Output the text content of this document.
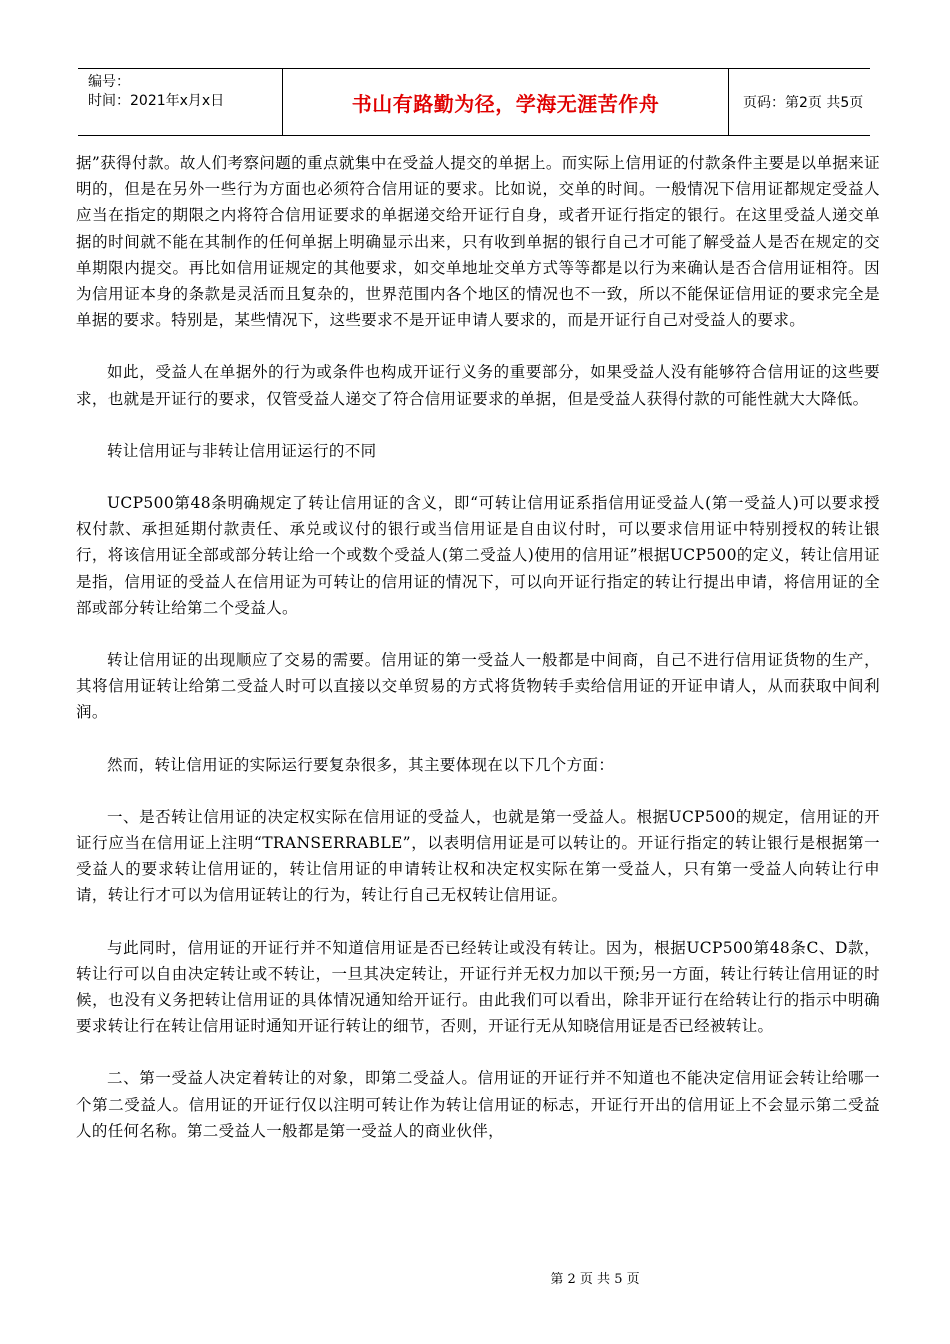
编号：
时间：2021年x月x日	书山有路勤为径，学海无涯苦作舟	页码：第2页 共5页

据”获得付款。故人们考察问题的重点就集中在受益人提交的单据上。而实际上信用证的付款条件主要是以单据来证明的，但是在另外一些行为方面也必须符合信用证的要求。比如说，交单的时间。一般情况下信用证都规定受益人应当在指定的期限之内将符合信用证要求的单据递交给开证行自身，或者开证行指定的银行。在这里受益人递交单据的时间就不能在其制作的任何单据上明确显示出来，只有收到单据的银行自己才可能了解受益人是否在规定的交单期限内提交。再比如信用证规定的其他要求，如交单地址交单方式等等都是以行为来确认是否合信用证相符。因为信用证本身的条款是灵活而且复杂的，世界范围内各个地区的情况也不一致，所以不能保证信用证的要求完全是单据的要求。特别是，某些情况下，这些要求不是开证申请人要求的，而是开证行自己对受益人的要求。

如此，受益人在单据外的行为或条件也构成开证行义务的重要部分，如果受益人没有能够符合信用证的这些要求，也就是开证行的要求，仅管受益人递交了符合信用证要求的单据，但是受益人获得付款的可能性就大大降低。

转让信用证与非转让信用证运行的不同

UCP500第48条明确规定了转让信用证的含义，即“可转让信用证系指信用证受益人(第一受益人)可以要求授权付款、承担延期付款责任、承兑或议付的银行或当信用证是自由议付时，可以要求信用证中特别授权的转让银行，将该信用证全部或部分转让给一个或数个受益人(第二受益人)使用的信用证”根据UCP500的定义，转让信用证是指，信用证的受益人在信用证为可转让的信用证的情况下，可以向开证行指定的转让行提出申请，将信用证的全部或部分转让给第二个受益人。

转让信用证的出现顺应了交易的需要。信用证的第一受益人一般都是中间商，自己不进行信用证货物的生产，其将信用证转让给第二受益人时可以直接以交单贸易的方式将货物转手卖给信用证的开证申请人，从而获取中间利润。

然而，转让信用证的实际运行要复杂很多，其主要体现在以下几个方面：

一、是否转让信用证的决定权实际在信用证的受益人，也就是第一受益人。根据UCP500的规定，信用证的开证行应当在信用证上注明“TRANSERRABLE”，以表明信用证是可以转让的。开证行指定的转让银行是根据第一受益人的要求转让信用证的，转让信用证的申请转让权和决定权实际在第一受益人，只有第一受益人向转让行申请，转让行才可以为信用证转让的行为，转让行自己无权转让信用证。

与此同时，信用证的开证行并不知道信用证是否已经转让或没有转让。因为，根据UCP500第48条C、D款，转让行可以自由决定转让或不转让，一旦其决定转让，开证行并无权力加以干预;另一方面，转让行转让信用证的时候，也没有义务把转让信用证的具体情况通知给开证行。由此我们可以看出，除非开证行在给转让行的指示中明确要求转让行在转让信用证时通知开证行转让的细节，否则，开证行无从知晓信用证是否已经被转让。

二、第一受益人决定着转让的对象，即第二受益人。信用证的开证行并不知道也不能决定信用证会转让给哪一个第二受益人。信用证的开证行仅以注明可转让作为转让信用证的标志，开证行开出的信用证上不会显示第二受益人的任何名称。第二受益人一般都是第一受益人的商业伙伴，

第 2 页 共 5 页
